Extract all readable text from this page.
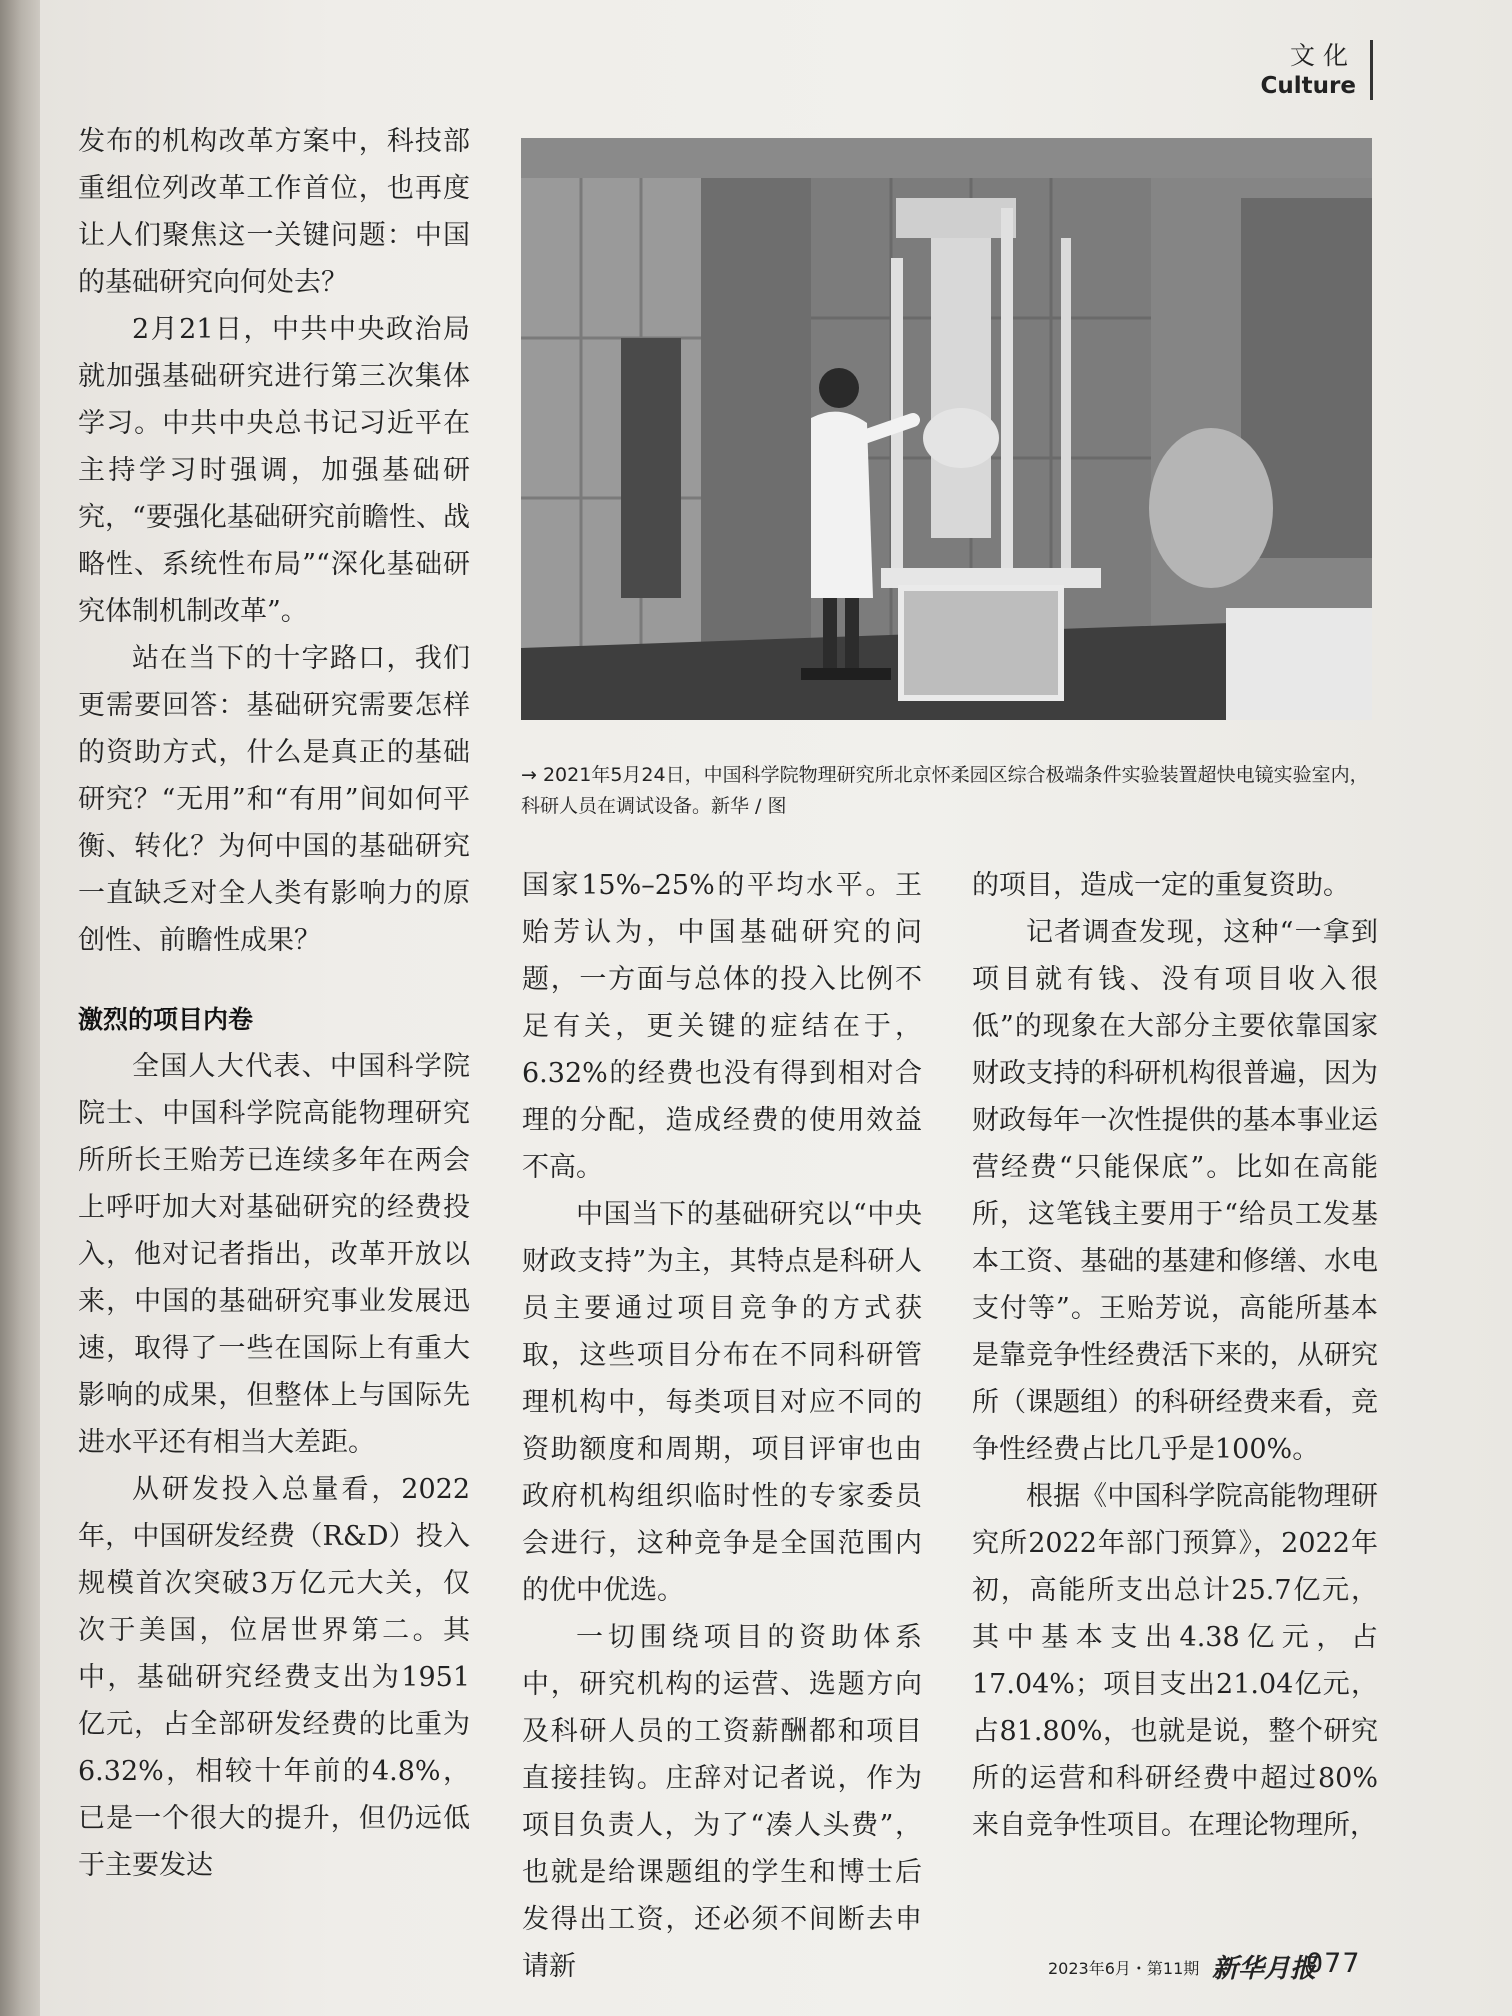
文化
Culture

发布的机构改革方案中，科技部重组位列改革工作首位，也再度让人们聚焦这一关键问题：中国的基础研究向何处去？

2月21日，中共中央政治局就加强基础研究进行第三次集体学习。中共中央总书记习近平在主持学习时强调，加强基础研究，“要强化基础研究前瞻性、战略性、系统性布局”“深化基础研究体制机制改革”。

站在当下的十字路口，我们更需要回答：基础研究需要怎样的资助方式，什么是真正的基础研究？“无用”和“有用”间如何平衡、转化？为何中国的基础研究一直缺乏对全人类有影响力的原创性、前瞻性成果？

激烈的项目内卷

全国人大代表、中国科学院院士、中国科学院高能物理研究所所长王贻芳已连续多年在两会上呼吁加大对基础研究的经费投入，他对记者指出，改革开放以来，中国的基础研究事业发展迅速，取得了一些在国际上有重大影响的成果，但整体上与国际先进水平还有相当大差距。

从研发投入总量看，2022年，中国研发经费（R&D）投入规模首次突破3万亿元大关，仅次于美国，位居世界第二。其中，基础研究经费支出为1951亿元，占全部研发经费的比重为6.32%，相较十年前的4.8%，已是一个很大的提升，但仍远低于主要发达

→ 2021年5月24日，中国科学院物理研究所北京怀柔园区综合极端条件实验装置超快电镜实验室内，科研人员在调试设备。新华 / 图

国家15%–25%的平均水平。王贻芳认为，中国基础研究的问题，一方面与总体的投入比例不足有关，更关键的症结在于，6.32%的经费也没有得到相对合理的分配，造成经费的使用效益不高。

中国当下的基础研究以“中央财政支持”为主，其特点是科研人员主要通过项目竞争的方式获取，这些项目分布在不同科研管理机构中，每类项目对应不同的资助额度和周期，项目评审也由政府机构组织临时性的专家委员会进行，这种竞争是全国范围内的优中优选。

一切围绕项目的资助体系中，研究机构的运营、选题方向及科研人员的工资薪酬都和项目直接挂钩。庄辞对记者说，作为项目负责人，为了“凑人头费”，也就是给课题组的学生和博士后发得出工资，还必须不间断去申请新

的项目，造成一定的重复资助。

记者调查发现，这种“一拿到项目就有钱、没有项目收入很低”的现象在大部分主要依靠国家财政支持的科研机构很普遍，因为财政每年一次性提供的基本事业运营经费“只能保底”。比如在高能所，这笔钱主要用于“给员工发基本工资、基础的基建和修缮、水电支付等”。王贻芳说，高能所基本是靠竞争性经费活下来的，从研究所（课题组）的科研经费来看，竞争性经费占比几乎是100%。

根据《中国科学院高能物理研究所2022年部门预算》，2022年初，高能所支出总计25.7亿元，其中基本支出4.38亿元，占17.04%；项目支出21.04亿元，占81.80%，也就是说，整个研究所的运营和科研经费中超过80%来自竞争性项目。在理论物理所，

2023年6月・第11期 新华月报
077
